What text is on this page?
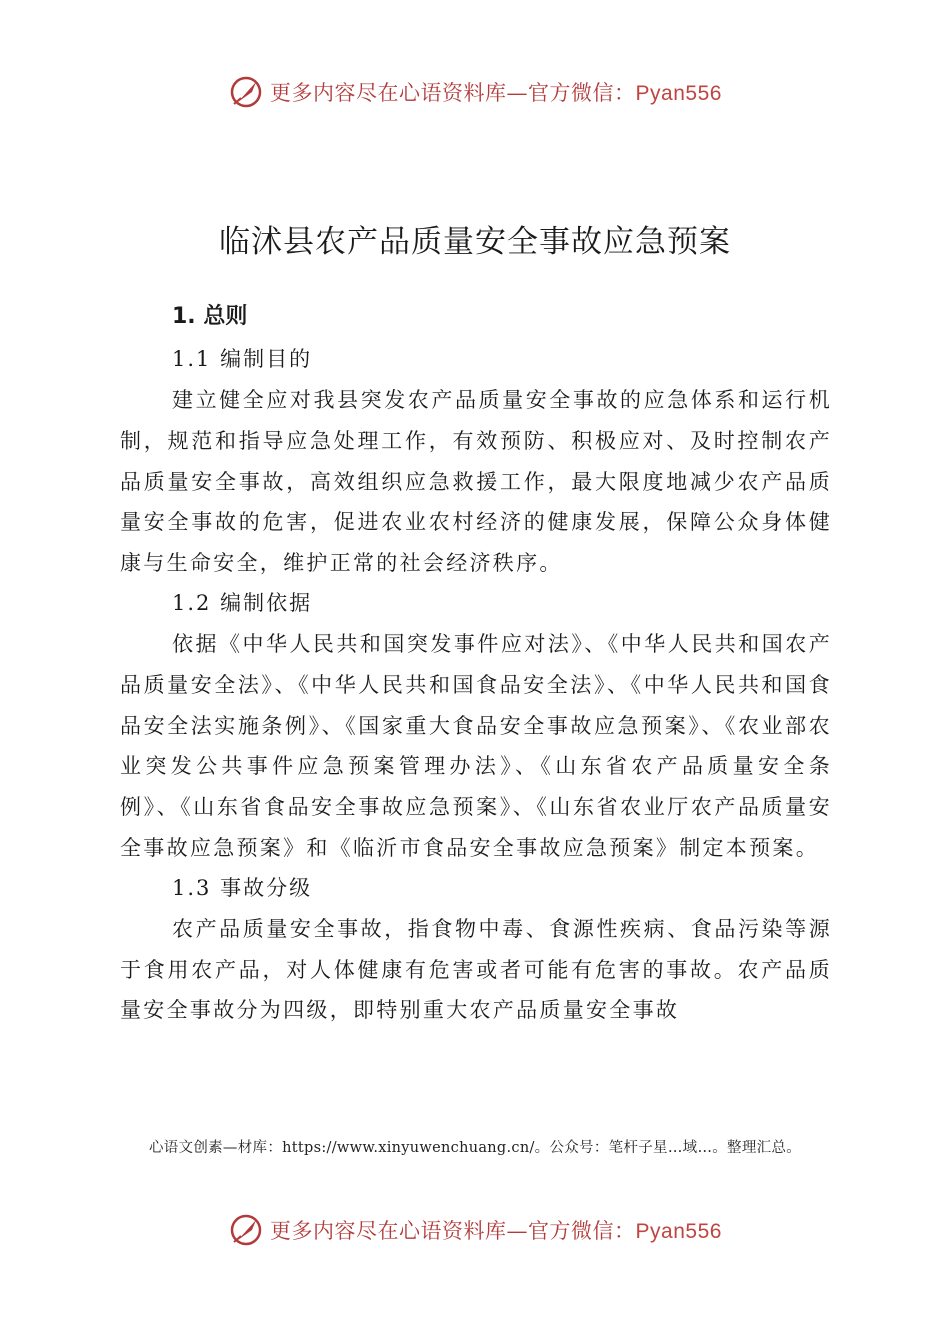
更多内容尽在心语资料库—官方微信：Pyan556
临沭县农产品质量安全事故应急预案
1. 总则
1.1 编制目的

建立健全应对我县突发农产品质量安全事故的应急体系和运行机制，规范和指导应急处理工作，有效预防、积极应对、及时控制农产品质量安全事故，高效组织应急救援工作，最大限度地减少农产品质量安全事故的危害，促进农业农村经济的健康发展，保障公众身体健康与生命安全，维护正常的社会经济秩序。

1.2 编制依据

依据《中华人民共和国突发事件应对法》、《中华人民共和国农产品质量安全法》、《中华人民共和国食品安全法》、《中华人民共和国食品安全法实施条例》、《国家重大食品安全事故应急预案》、《农业部农业突发公共事件应急预案管理办法》、《山东省农产品质量安全条例》、《山东省食品安全事故应急预案》、《山东省农业厅农产品质量安全事故应急预案》和《临沂市食品安全事故应急预案》制定本预案。

1.3 事故分级

农产品质量安全事故，指食物中毒、食源性疾病、食品污染等源于食用农产品，对人体健康有危害或者可能有危害的事故。农产品质量安全事故分为四级，即特别重大农产品质量安全事故

心语文创素—材库：https://www.xinyuwenchuang.cn/。公众号：笔杆子星…域…。整理汇总。
更多内容尽在心语资料库—官方微信：Pyan556
